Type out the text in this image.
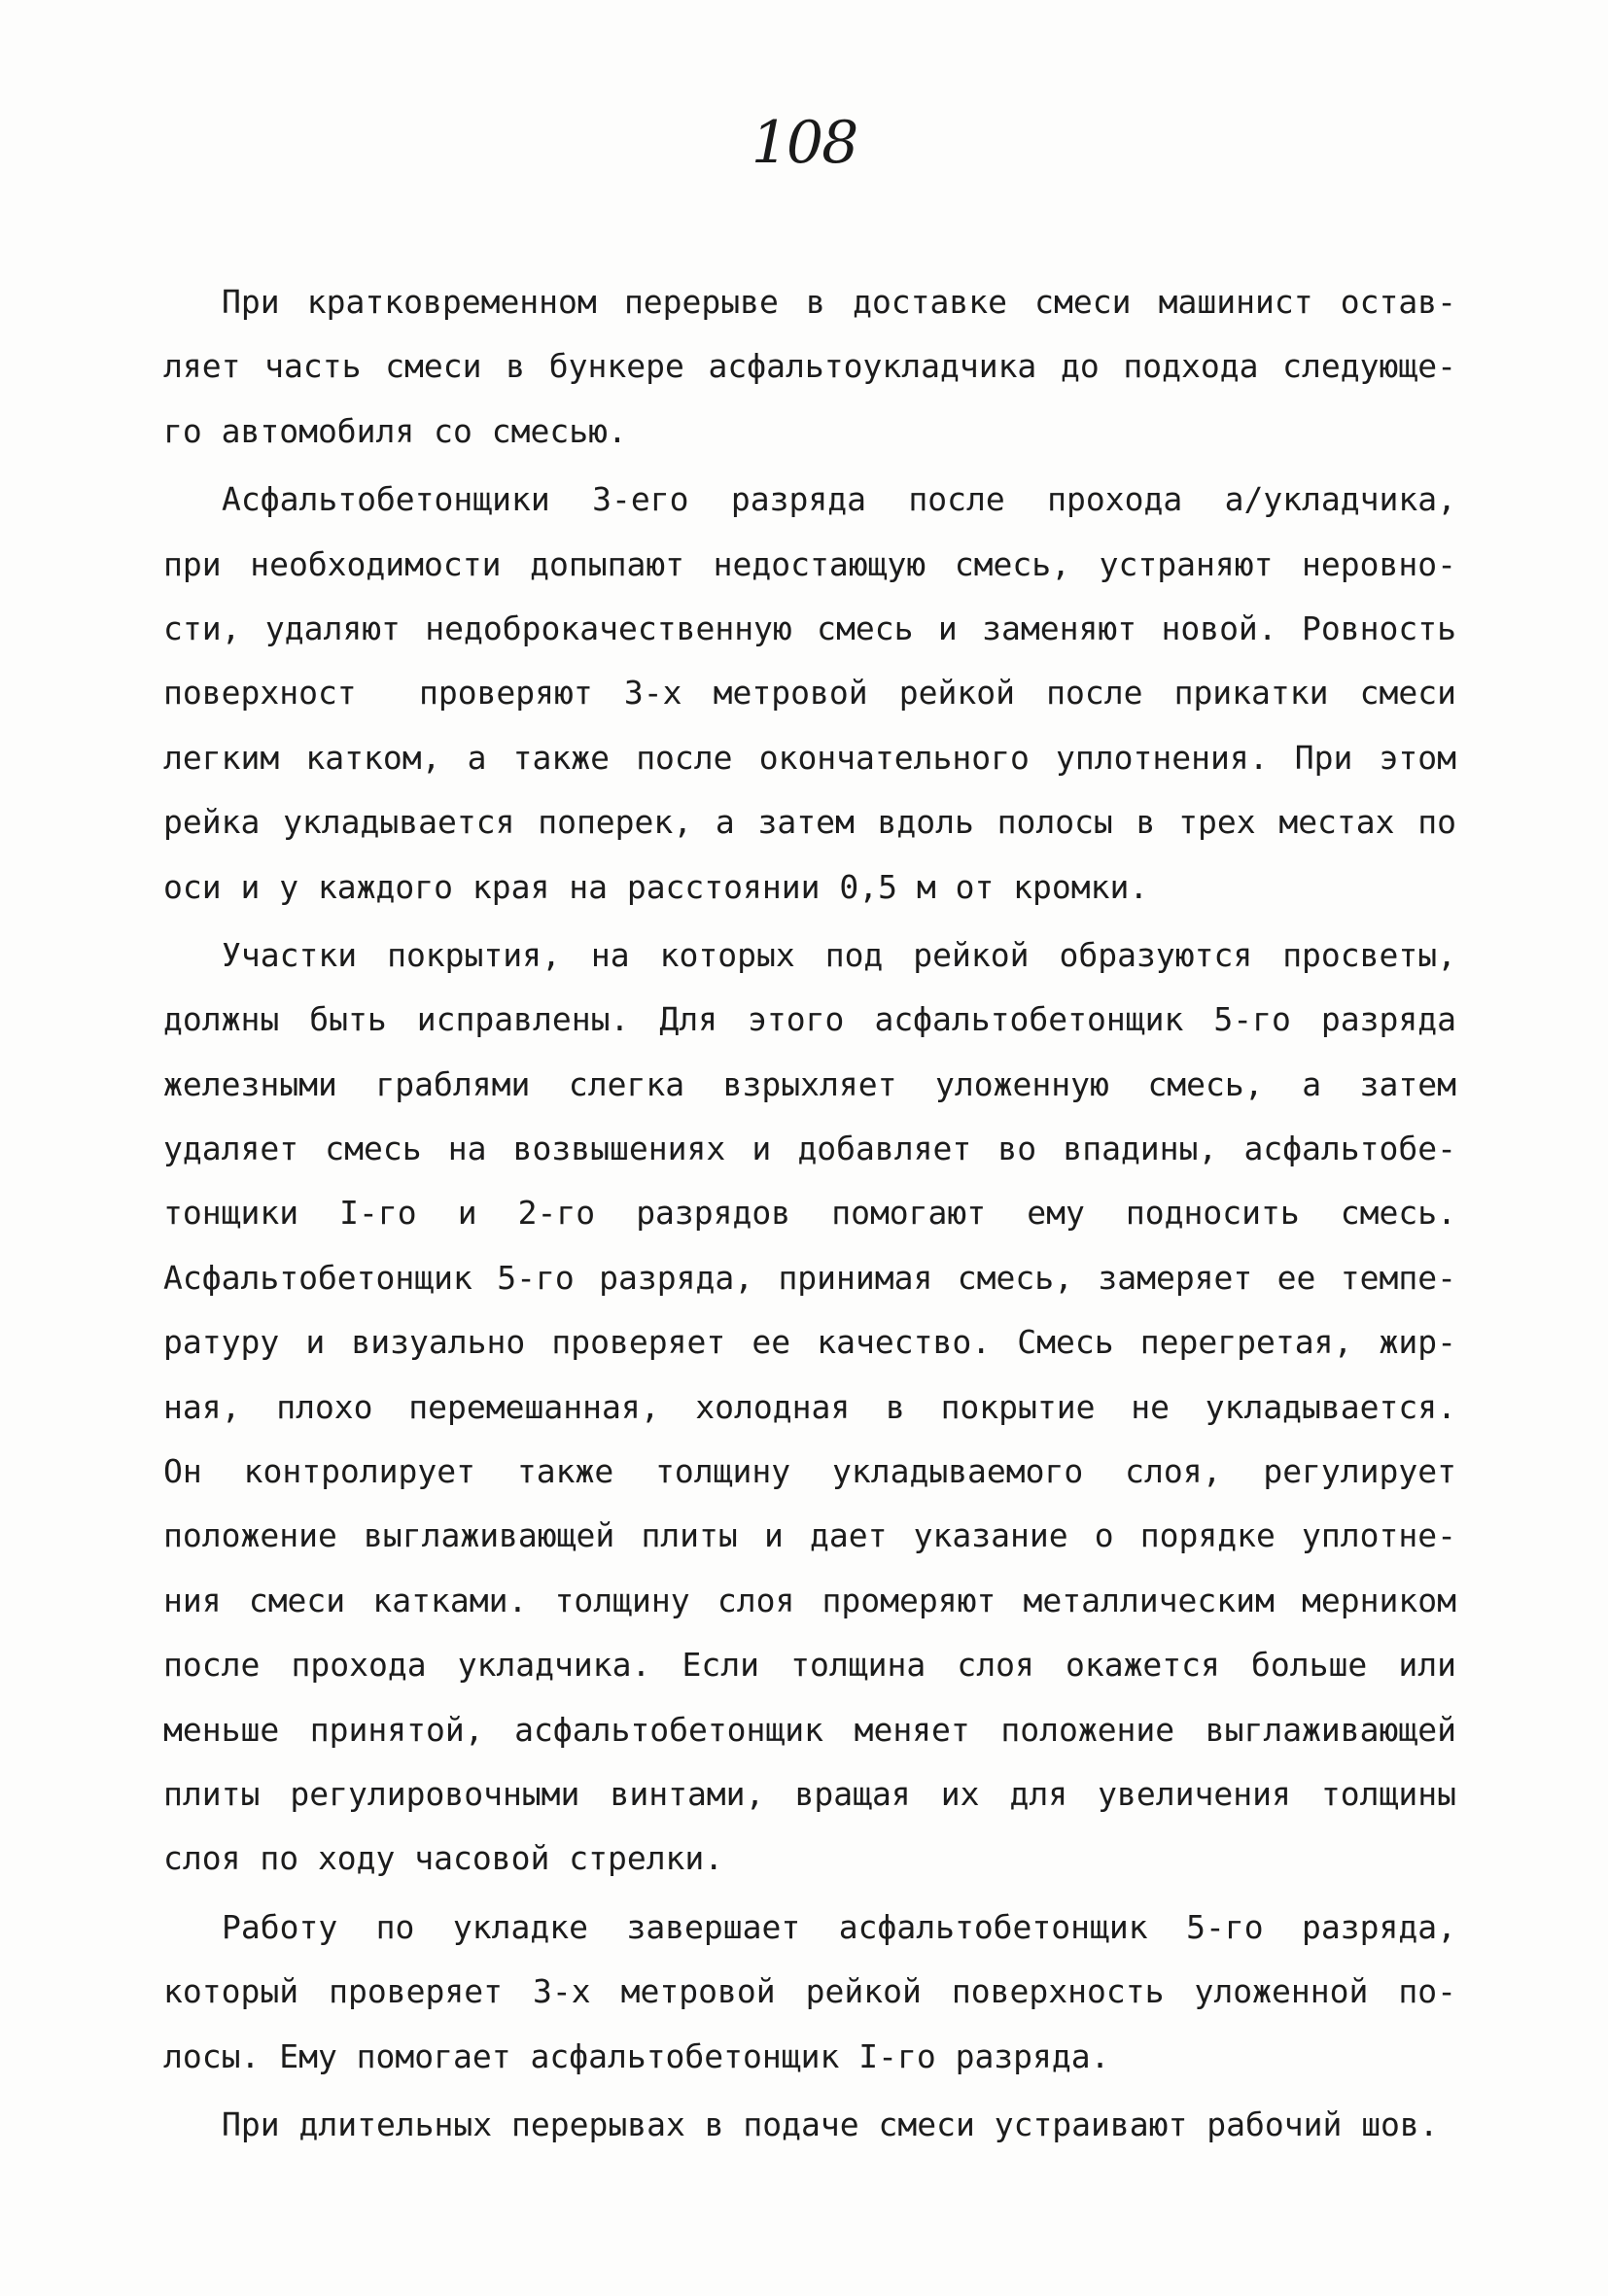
108
При кратковременном перерыве в доставке смеси машинист остав-
ляет часть смеси в бункере асфальтоукладчика до подхода следующе-
го автомобиля со смесью.
Асфальтобетонщики 3-его разряда после прохода а/укладчика,
при необходимости допыпают недостающую смесь, устраняют неровно-
сти, удаляют недоброкачественную смесь и заменяют новой. Ровность
поверхност  проверяют 3-х метровой рейкой после прикатки смеси
легким катком, а также после окончательного уплотнения. При этом
рейка укладывается поперек, а затем вдоль полосы в трех местах по
оси и у каждого края на расстоянии 0,5 м от кромки.
Участки покрытия, на которых под рейкой образуются просветы,
должны быть исправлены. Для этого асфальтобетонщик 5-го разряда
железными граблями слегка взрыхляет уложенную смесь, а затем
удаляет смесь на возвышениях и добавляет во впадины, асфальтобе-
тонщики I-го и 2-го разрядов помогают ему подносить смесь.
Асфальтобетонщик 5-го разряда, принимая смесь, замеряет ее темпе-
ратуру и визуально проверяет ее качество. Смесь перегретая, жир-
ная, плохо перемешанная, холодная в покрытие не укладывается.
Он контролирует также толщину укладываемого слоя, регулирует
положение выглаживающей плиты и дает указание о порядке уплотне-
ния смеси катками. толщину слоя промеряют металлическим мерником
после прохода укладчика. Если толщина слоя окажется больше или
меньше принятой, асфальтобетонщик меняет положение выглаживающей
плиты регулировочными винтами, вращая их для увеличения толщины
слоя по ходу часовой стрелки.
Работу по укладке завершает асфальтобетонщик 5-го разряда,
который проверяет 3-х метровой рейкой поверхность уложенной по-
лосы. Ему помогает асфальтобетонщик I-го разряда.
При длительных перерывах в подаче смеси устраивают рабочий шов.
